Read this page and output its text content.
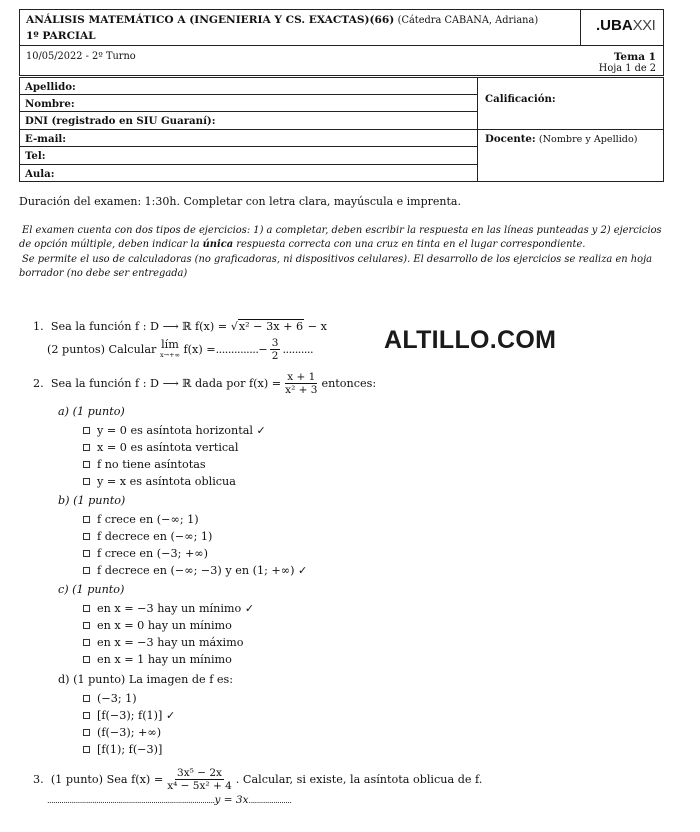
ANÁLISIS MATEMÁTICO A (INGENIERIA Y CS. EXACTAS)(66) (Cátedra CABANA, Adriana)
1º PARCIAL
.UBAXXI
10/05/2022 - 2º Turno	Tema 1
Hoja 1 de 2
Apellido:
Nombre:
DNI (registrado en SIU Guaraní):
E-mail:
Tel:
Aula:
Calificación:
Docente: (Nombre y Apellido)
Duración del examen: 1:30h. Completar con letra clara, mayúscula e imprenta.
El examen cuenta con dos tipos de ejercicios: 1) a completar, deben escribir la respuesta en las líneas punteadas y 2) ejercicios
de opción múltiple, deben indicar la única respuesta correcta con una cruz en tinta en el lugar correspondiente.
Se permite el uso de calculadoras (no graficadoras, ni dispositivos celulares). El desarrollo de los ejercicios se realiza en hoja
borrador (no debe ser entregada)
ALTILLO.COM
1. Sea la función f : D ⟶ ℝ f(x) = √x² − 3x + 6 − x
(2 puntos) Calcular
lím
x→+∞
f(x) = .............. − $\frac{3}{2}$ ..........
2.
Sea la función f : D ⟶ ℝ dada por $f(x) = \frac{x + 1}{\text{x² + 3}}$ entonces:
a) (1 punto)
y = 0 es asíntota horizontal ✓
x = 0 es asíntota vertical
f no tiene asíntotas
y = x es asíntota oblicua
b) (1 punto)
f crece en (−∞; 1)
f decrece en (−∞; 1)
f crece en (−3; +∞)
f decrece en (−∞; −3) y en (1; +∞) ✓
c) (1 punto)
en x = −3 hay un mínimo ✓
en x = 0 hay un mínimo
en x = −3 hay un máximo
en x = 1 hay un mínimo
d) (1 punto) La imagen de f es:
(−3; 1)
[f(−3); f(1)] ✓
(f(−3); +∞)
[f(1); f(−3)]
3.
(1 punto) Sea $f(x) = \frac{\text{3x⁵ − 2x}}{\text{x⁴ − 5x² + 4}}$ . Calcular, si existe, la asíntota oblicua de f.
..................................................................................y = 3x.....................
